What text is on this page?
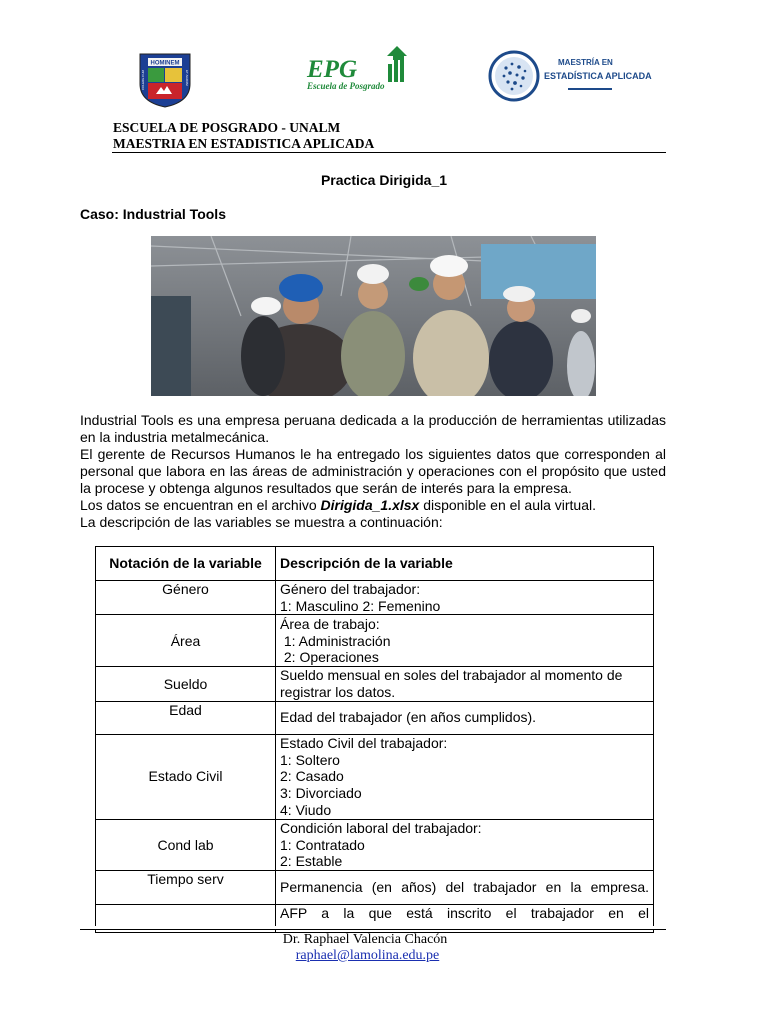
HOMINEM
COLERE CUM	ET AGRUM	EPG
Escuela de Posgrado
MAESTRÍA EN
ESTADÍSTICA APLICADA
ESCUELA DE POSGRADO - UNALM
MAESTRIA EN ESTADISTICA APLICADA
Practica Dirigida_1
Caso: Industrial Tools

Industrial Tools es una empresa peruana dedicada a la producción de herramientas utilizadas en la industria metalmecánica.

El gerente de Recursos Humanos le ha entregado los siguientes datos que corresponden al personal que labora en las áreas de administración y operaciones con el propósito que usted la procese y obtenga algunos resultados que serán de interés para la empresa.

Los datos se encuentran en el archivo Dirigida_1.xlsx disponible en el aula virtual.

La descripción de las variables se muestra a continuación:

Notación de la variable	Descripción de la variable
Género	Género del trabajador:
1: Masculino 2: Femenino

Área	Área de trabajo:
1: Administración
2: Operaciones

Sueldo	Sueldo mensual en soles del trabajador al momento de registrar los datos.
Edad	Edad del trabajador (en años cumplidos).
Estado Civil	Estado Civil del trabajador:
1: Soltero
2: Casado
3: Divorciado
4: Viudo

Cond lab	Condición laboral del trabajador:
1: Contratado
2: Estable

Tiempo serv	Permanencia (en años) del trabajador en la empresa.

	AFP a la que está inscrito el trabajador en el
Dr. Raphael Valencia Chacón
raphael@lamolina.edu.pe
